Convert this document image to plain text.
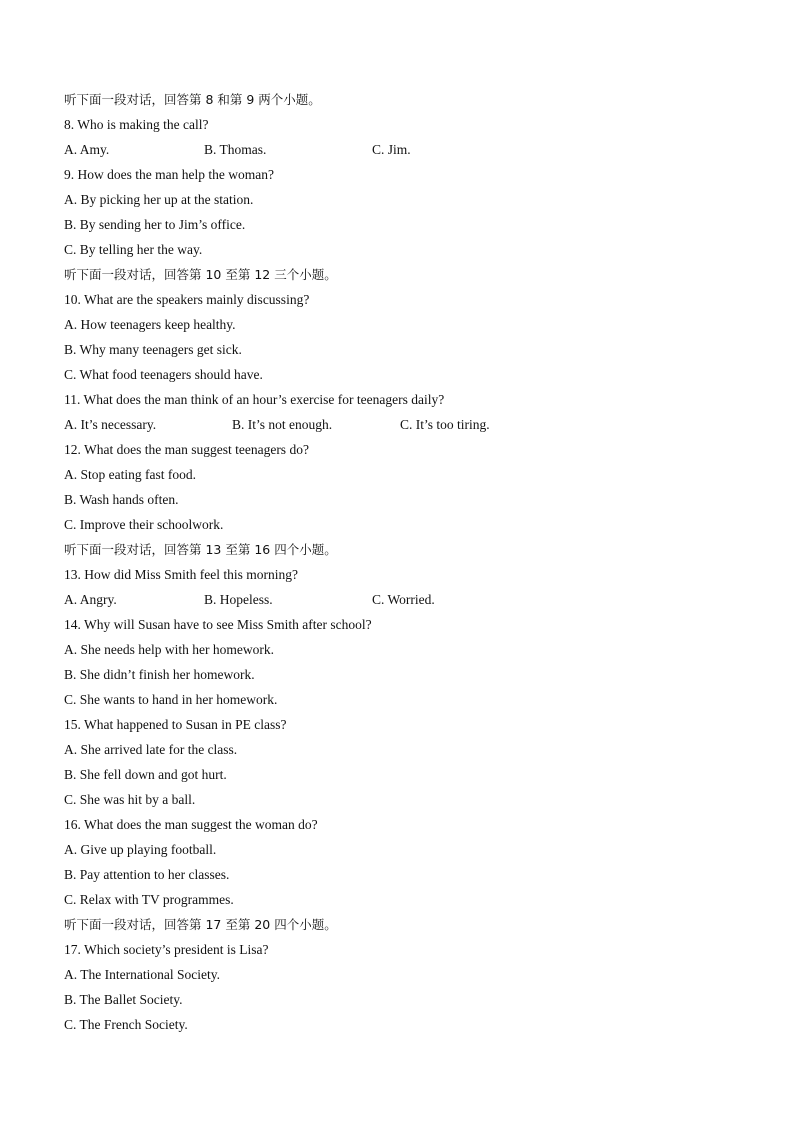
听下面一段对话，回答第 8 和第 9 两个小题。
8. Who is making the call?
A. Amy.	B. Thomas.	C. Jim.
9. How does the man help the woman?
A. By picking her up at the station.
B. By sending her to Jim’s office.
C. By telling her the way.
听下面一段对话，回答第 10 至第 12 三个小题。
10. What are the speakers mainly discussing?
A. How teenagers keep healthy.
B. Why many teenagers get sick.
C. What food teenagers should have.
11. What does the man think of an hour’s exercise for teenagers daily?
A. It’s necessary.	B. It’s not enough.	C. It’s too tiring.
12. What does the man suggest teenagers do?
A. Stop eating fast food.
B. Wash hands often.
C. Improve their schoolwork.
听下面一段对话，回答第 13 至第 16 四个小题。
13. How did Miss Smith feel this morning?
A. Angry.	B. Hopeless.	C. Worried.
14. Why will Susan have to see Miss Smith after school?
A. She needs help with her homework.
B. She didn’t finish her homework.
C. She wants to hand in her homework.
15. What happened to Susan in PE class?
A. She arrived late for the class.
B. She fell down and got hurt.
C. She was hit by a ball.
16. What does the man suggest the woman do?
A. Give up playing football.
B. Pay attention to her classes.
C. Relax with TV programmes.
听下面一段对话，回答第 17 至第 20 四个小题。
17. Which society’s president is Lisa?
A. The International Society.
B. The Ballet Society.
C. The French Society.
